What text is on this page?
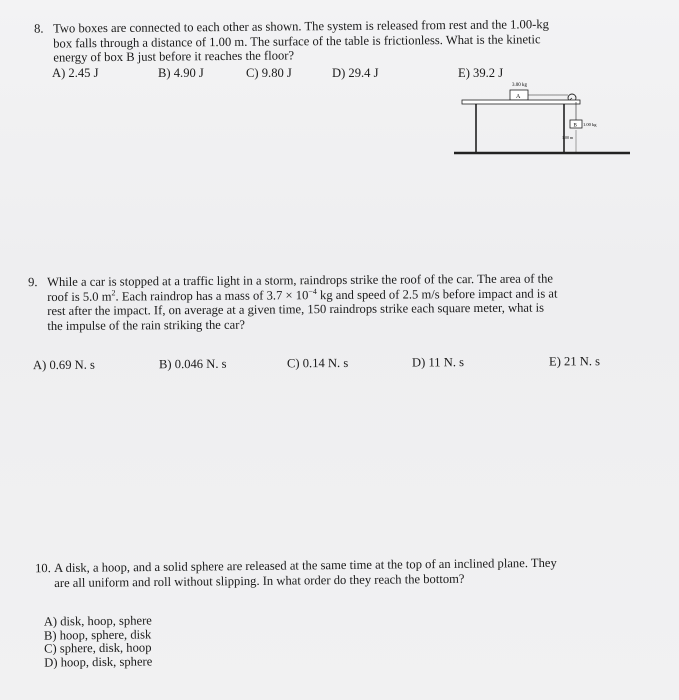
8. Two boxes are connected to each other as shown. The system is released from rest and the 1.00-kg
box falls through a distance of 1.00 m. The surface of the table is frictionless. What is the kinetic
energy of box B just before it reaches the floor?
A) 2.45 J	B) 4.90 J	C) 9.80 J	D) 29.4 J	E) 39.2 J
3.00 kg
A
B 1.00 kg
1.00 m
9. While a car is stopped at a traffic light in a storm, raindrops strike the roof of the car. The area of the
roof is 5.0 $m^2$. Each raindrop has a mass of $3.7 \times 10^{-4}$ kg and speed of 2.5 m/s before impact and is at
rest after the impact. If, on average at a given time, 150 raindrops strike each square meter, what is
the impulse of the rain striking the car?
A) 0.69 N. s	B) 0.046 N. s	C) 0.14 N. s	D) 11 N. s	E) 21 N. s
10. A disk, a hoop, and a solid sphere are released at the same time at the top of an inclined plane. They
are all uniform and roll without slipping. In what order do they reach the bottom?
A) disk, hoop, sphere
B) hoop, sphere, disk
C) sphere, disk, hoop
D) hoop, disk, sphere
